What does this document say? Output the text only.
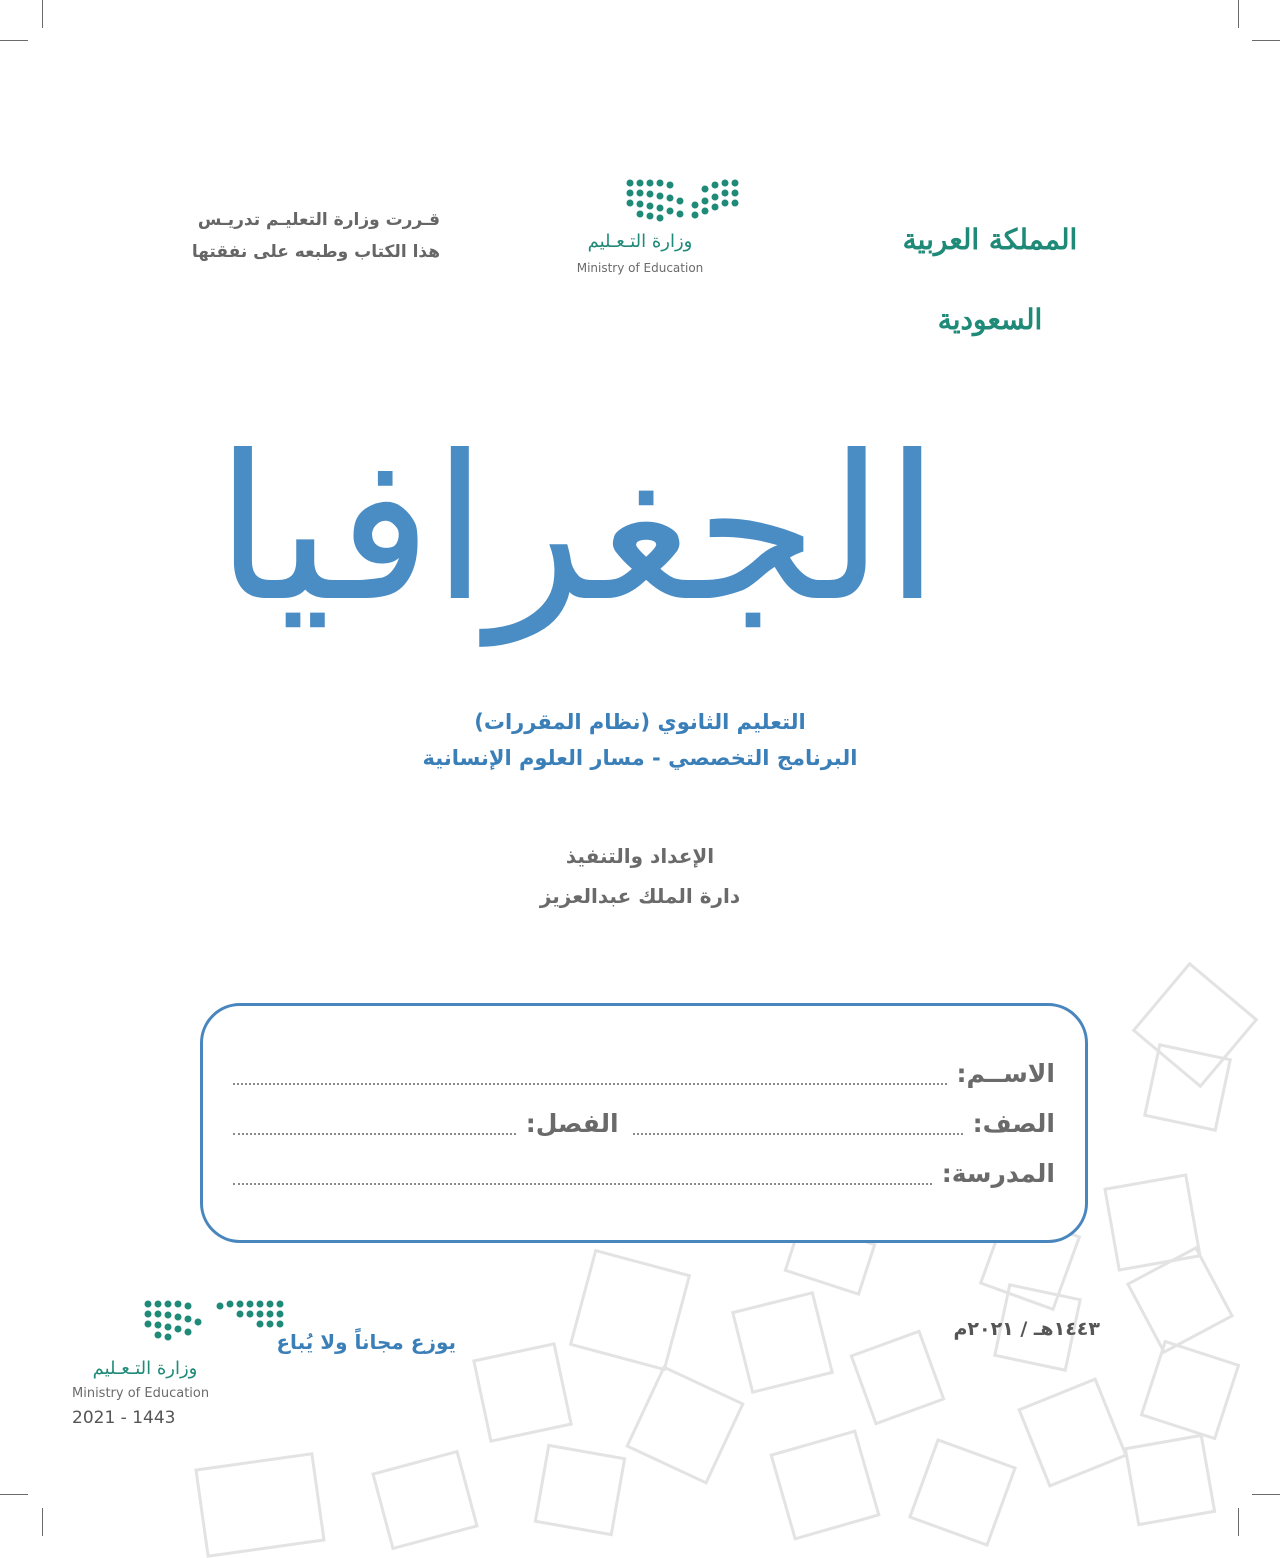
المملكة العربية السعودية
وزارة التـعـليم
Ministry of Education
قـررت وزارة التعليـم تدريـس
هذا الكتاب وطبعه على نفقتها
الجغرافيا
التعليم الثانوي (نظام المقررات)
البرنامج التخصصي - مسار العلوم الإنسانية
الإعداد والتنفيذ
دارة الملك عبدالعزيز
الاســم:
الصف:
الفصل:
المدرسة:
١٤٤٣هـ / ٢٠٢١م
يوزع مجاناً ولا يُباع
وزارة التـعـليم
Ministry of Education
2021 - 1443
